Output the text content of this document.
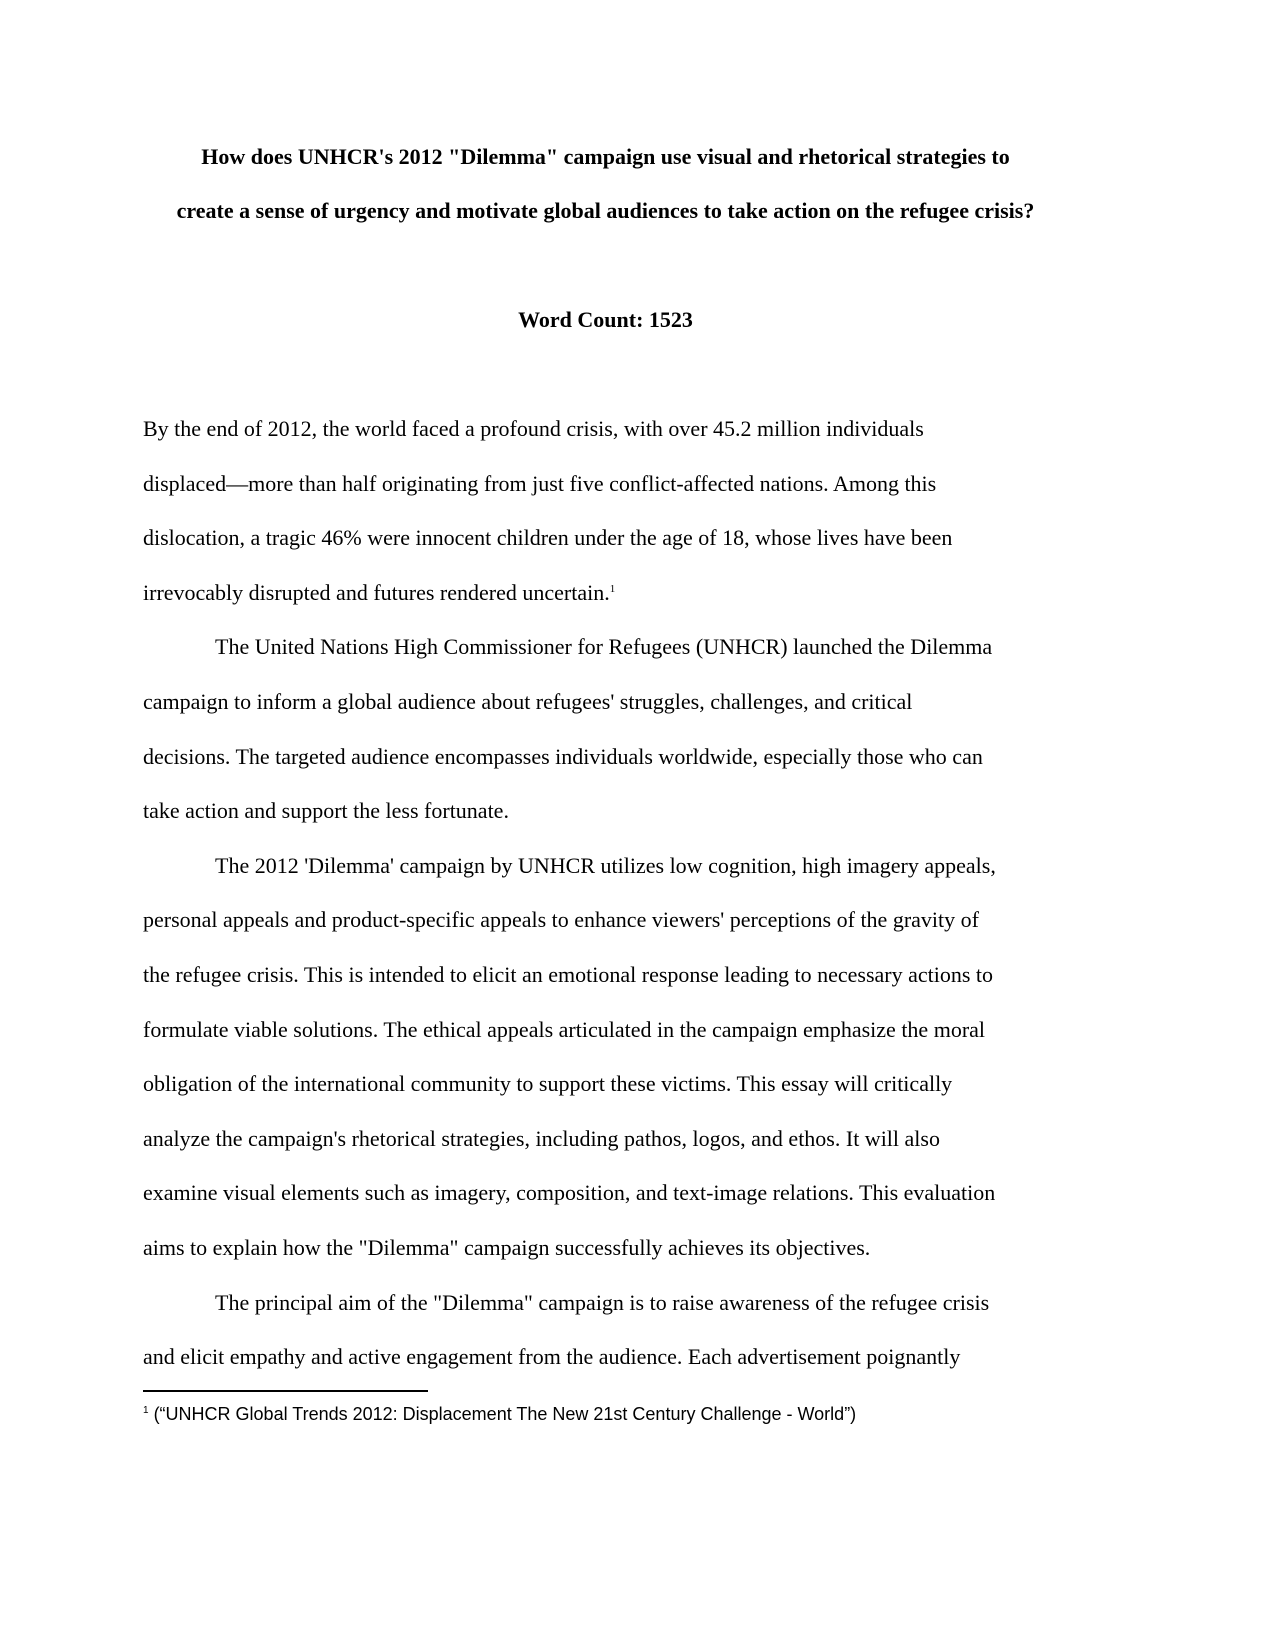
How does UNHCR's 2012 "Dilemma" campaign use visual and rhetorical strategies to
create a sense of urgency and motivate global audiences to take action on the refugee crisis?
Word Count: 1523

By the end of 2012, the world faced a profound crisis, with over 45.2 million individuals
displaced—more than half originating from just five conflict-affected nations. Among this
dislocation, a tragic 46% were innocent children under the age of 18, whose lives have been
irrevocably disrupted and futures rendered uncertain.$^1$

The United Nations High Commissioner for Refugees (UNHCR) launched the Dilemma
campaign to inform a global audience about refugees' struggles, challenges, and critical
decisions. The targeted audience encompasses individuals worldwide, especially those who can
take action and support the less fortunate.

The 2012 'Dilemma' campaign by UNHCR utilizes low cognition, high imagery appeals,
personal appeals and product-specific appeals to enhance viewers' perceptions of the gravity of
the refugee crisis. This is intended to elicit an emotional response leading to necessary actions to
formulate viable solutions. The ethical appeals articulated in the campaign emphasize the moral
obligation of the international community to support these victims. This essay will critically
analyze the campaign's rhetorical strategies, including pathos, logos, and ethos. It will also
examine visual elements such as imagery, composition, and text-image relations. This evaluation
aims to explain how the "Dilemma" campaign successfully achieves its objectives.

The principal aim of the "Dilemma" campaign is to raise awareness of the refugee crisis
and elicit empathy and active engagement from the audience. Each advertisement poignantly

$^1$ (“UNHCR Global Trends 2012: Displacement The New 21st Century Challenge - World”)
